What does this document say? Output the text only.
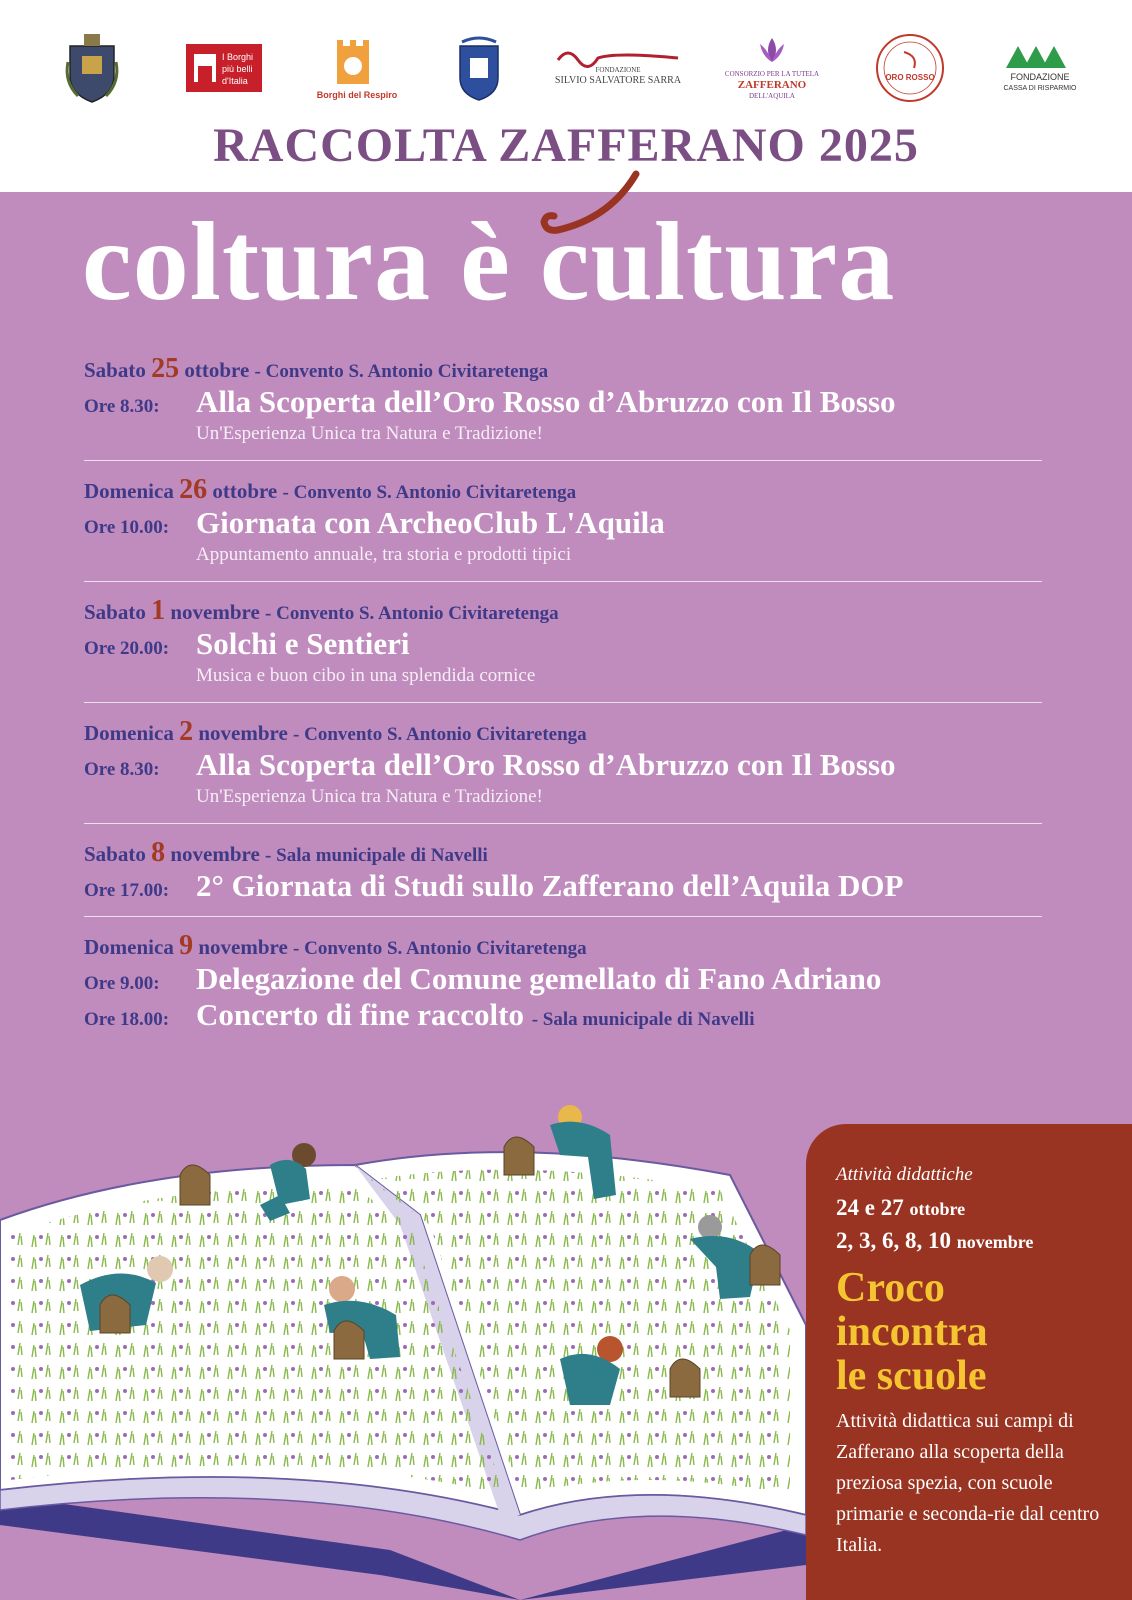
I Borghi
più belli
d'Italia
Borghi del Respiro
FONDAZIONE
SILVIO SALVATORE SARRA
CONSORZIO PER LA TUTELA
ZAFFERANO
DELL'AQUILA
ORO ROSSO	FONDAZIONE
CASSA DI RISPARMIO
RACCOLTA ZAFFERANO 2025
coltura è cultura
Sabato 25 ottobre - Convento S. Antonio Civitaretenga
Ore 8.30:	Alla Scoperta dell’Oro Rosso d’Abruzzo con Il Bosso
Un'Esperienza Unica tra Natura e Tradizione!
Domenica 26 ottobre - Convento S. Antonio Civitaretenga
Ore 10.00: Giornata con ArcheoClub L'Aquila
Appuntamento annuale, tra storia e prodotti tipici
Sabato 1 novembre - Convento S. Antonio Civitaretenga
Ore 20.00: Solchi e Sentieri
Musica e buon cibo in una splendida cornice
Domenica 2 novembre - Convento S. Antonio Civitaretenga
Ore 8.30:	Alla Scoperta dell’Oro Rosso d’Abruzzo con Il Bosso
Un'Esperienza Unica tra Natura e Tradizione!
Sabato 8 novembre - Sala municipale di Navelli
Ore 17.00: 2° Giornata di Studi sullo Zafferano dell’Aquila DOP
Domenica 9 novembre - Convento S. Antonio Civitaretenga
Ore 9.00:	Delegazione del Comune gemellato di Fano Adriano
Ore 18.00: Concerto di fine raccolto - Sala municipale di Navelli

Attività didattiche

24 e 27 ottobre

2, 3, 6, 8, 10 novembre

Croco
incontra
le scuole

Attività didattica sui campi di Zafferano alla scoperta della preziosa spezia, con scuole primarie e seconda-rie dal centro Italia.
